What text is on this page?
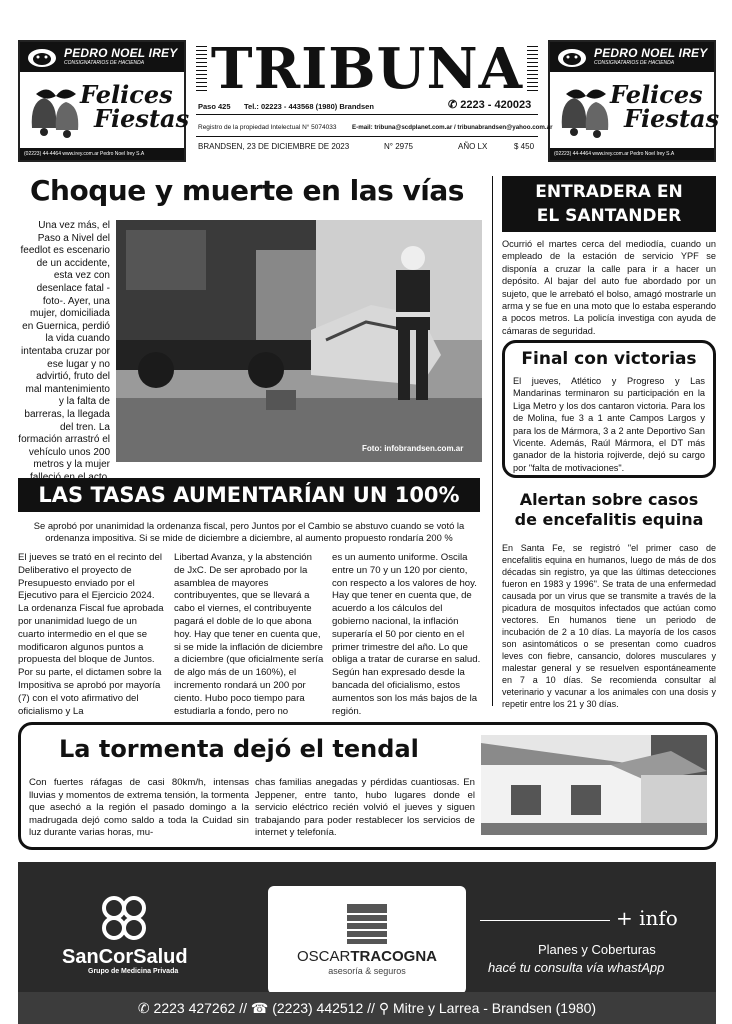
PEDRO NOEL IREY
CONSIGNATARIOS DE HACIENDA
Felices
Fiestas
(02223) 44-4464 www.irey.com.ar Pedro Noel Irey S.A
PEDRO NOEL IREY
CONSIGNATARIOS DE HACIENDA
Felices
Fiestas
(02223) 44-4464 www.irey.com.ar Pedro Noel Irey S.A
TRIBUNA
Paso 425 Tel.: 02223 - 443568 (1980) Brandsen	✆ 2223 - 420023
Registro de la propiedad Intelectual N° 5074033	E-mail: tribuna@scdplanet.com.ar / tribunabrandsen@yahoo.com.ar
BRANDSEN, 23 DE DICIEMBRE DE 2023	N° 2975	AÑO LX	$ 450
Choque y muerte en las vías
Una vez más, el Paso a Nivel del feedlot es escenario de un accidente, esta vez con desenlace fatal -foto-. Ayer, una mujer, domiciliada en Guernica, perdió la vida cuando intentaba cruzar por ese lugar y no advirtió, fruto del mal mantenimiento y la falta de barreras, la llegada del tren. La formación arrastró el vehículo unos 200 metros y la mujer
Foto: infobrandsen.com.ar
LAS TASAS AUMENTARÍAN UN 100%
Se aprobó por unanimidad la ordenanza fiscal, pero Juntos por el Cambio se abstuvo cuando se votó la ordenanza impositiva. Si se mide de diciembre a diciembre, al aumento propuesto rondaría 200 %
El jueves se trató en el recinto del Deliberativo el proyecto de Presupuesto enviado por el Ejecutivo para el Ejercicio 2024. La ordenanza Fiscal fue aprobada por unanimidad luego de un cuarto intermedio en el que se modificaron algunos puntos a propuesta del bloque de Juntos. Por su parte, el dictamen sobre la Impositiva se aprobó por mayoría (7) con el voto afirmativo del oficialismo y La
Libertad Avanza, y la abstención de JxC. De ser aprobado por la asamblea de mayores contribuyentes, que se llevará a cabo el viernes, el contribuyente pagará el doble de lo que abona hoy. Hay que tener en cuenta que, si se mide la inflación de diciembre a diciembre (que oficialmente sería de algo más de un 160%), el incremento rondará un 200 por ciento. Hubo poco tiempo para estudiarla a fondo, pero no
es un aumento uniforme. Oscila entre un 70 y un 120 por ciento, con respecto a los valores de hoy. Hay que tener en cuenta que, de acuerdo a los cálculos del gobierno nacional, la inflación superaría el 50 por ciento en el primer trimestre del año. Lo que obliga a tratar de curarse en salud. Según han expresado desde la bancada del oficialismo, estos aumentos son los más bajos de la región.
ENTRADERA EN
EL SANTANDER
Ocurrió el martes cerca del mediodía, cuando un empleado de la estación de servicio YPF se disponía a cruzar la calle para ir a hacer un depósito. Al bajar del auto fue abordado por un sujeto, que le arrebató el bolso, amagó mostrarle un arma y se fue en una moto que lo estaba esperando a pocos metros. La policía investiga con ayuda de cámaras de seguridad.
Final con victorias
El jueves, Atlético y Progreso y Las Mandarinas terminaron su participación en la Liga Metro y los dos cantaron victoria. Para los de Molina, fue 3 a 1 ante Campos Largos y para los de Mármora, 3 a 2 ante Deportivo San Vicente. Además, Raúl Mármora, el DT más ganador de la historia rojiverde, dejó su cargo por "falta de motivaciones".
Alertan sobre casos
de encefalitis equina
En Santa Fe, se registró "el primer caso de encefalitis equina en humanos, luego de más de dos décadas sin registro, ya que las últimas detecciones fueron en 1983 y 1996". Se trata de una enfermedad causada por un virus que se transmite a través de la picadura de mosquitos infectados que actúan como vectores. En humanos tiene un periodo de incubación de 2 a 10 días. La mayoría de los casos son asintomáticos o se presentan como cuadros leves con fiebre, cansancio, dolores musculares y malestar general y se resuelven espontáneamente en 7 a 10 días. Se recomienda consultar al veterinario y vacunar a los animales con una dosis y repetir entre los 21 y 30 días.
La tormenta dejó el tendal
Con fuertes ráfagas de casi 80km/h, intensas lluvias y momentos de extrema tensión, la tormenta que asechó a la región el pasado domingo a la madrugada dejó como saldo a toda la Cuidad sin luz durante varias horas, mu-
chas familias anegadas y pérdidas cuantiosas. En Jeppener, entre tanto, hubo lugares donde el servicio eléctrico recién volvió el jueves y siguen trabajando para poder restablecer los servicios de internet y telefonía.
SanCorSalud
Grupo de Medicina Privada
OSCARTRACOGNA
asesoría & seguros
+ info
Planes y Coberturas
hacé tu consulta vía whastApp
✆ 2223 427262 // ☎ (2223) 442512 // ⚲ Mitre y Larrea - Brandsen (1980)
